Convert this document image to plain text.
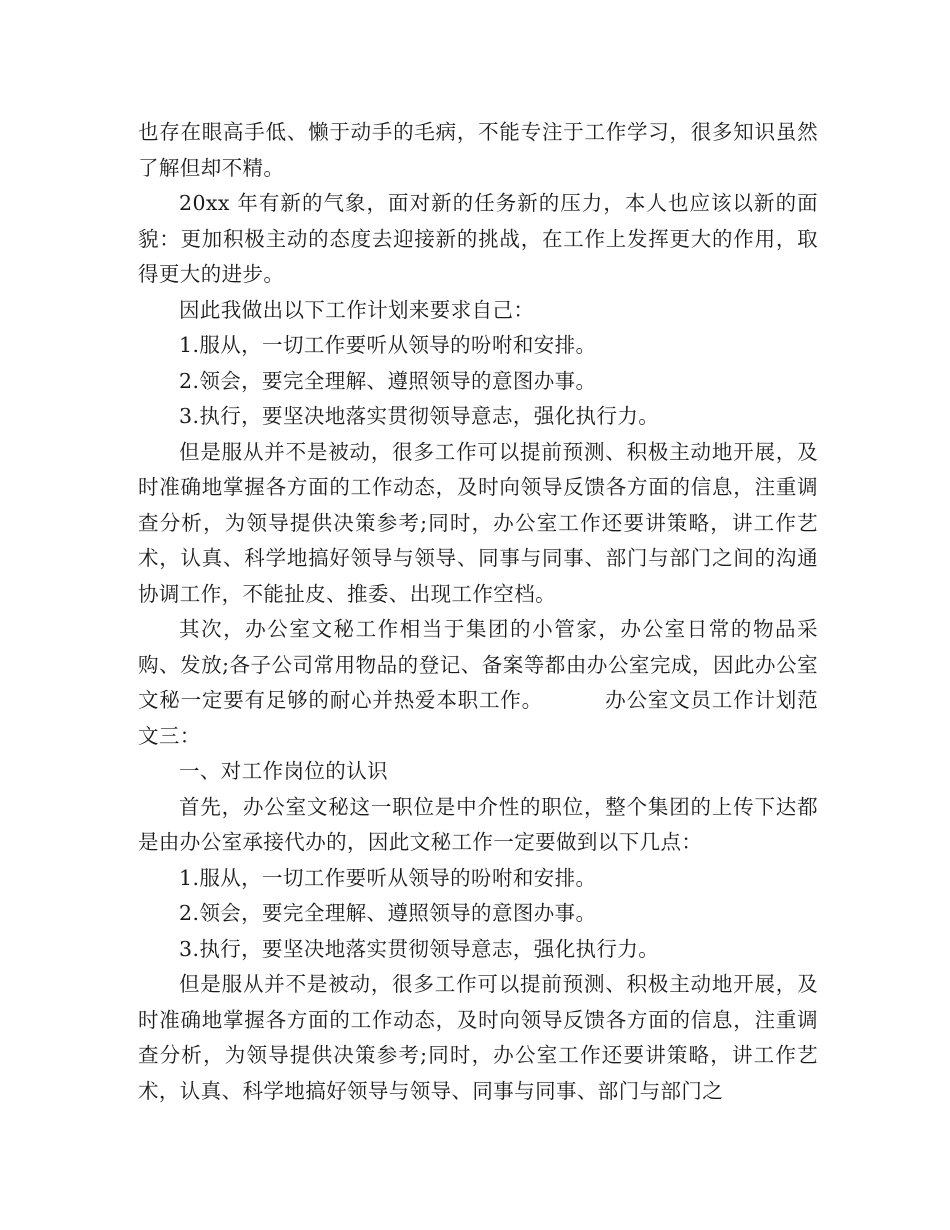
也存在眼高手低、懒于动手的毛病，不能专注于工作学习，很多知识虽然了解但却不精。

20xx 年有新的气象，面对新的任务新的压力，本人也应该以新的面貌：更加积极主动的态度去迎接新的挑战，在工作上发挥更大的作用，取得更大的进步。

因此我做出以下工作计划来要求自己：

1.服从，一切工作要听从领导的吩咐和安排。

2.领会，要完全理解、遵照领导的意图办事。

3.执行，要坚决地落实贯彻领导意志，强化执行力。

但是服从并不是被动，很多工作可以提前预测、积极主动地开展，及时准确地掌握各方面的工作动态，及时向领导反馈各方面的信息，注重调查分析，为领导提供决策参考;同时，办公室工作还要讲策略，讲工作艺术，认真、科学地搞好领导与领导、同事与同事、部门与部门之间的沟通协调工作，不能扯皮、推委、出现工作空档。

其次，办公室文秘工作相当于集团的小管家，办公室日常的物品采购、发放;各子公司常用物品的登记、备案等都由办公室完成，因此办公室文秘一定要有足够的耐心并热爱本职工作。	办公室文员工作计划范文三：

一、对工作岗位的认识

首先，办公室文秘这一职位是中介性的职位，整个集团的上传下达都是由办公室承接代办的，因此文秘工作一定要做到以下几点：

1.服从，一切工作要听从领导的吩咐和安排。

2.领会，要完全理解、遵照领导的意图办事。

3.执行，要坚决地落实贯彻领导意志，强化执行力。

但是服从并不是被动，很多工作可以提前预测、积极主动地开展，及时准确地掌握各方面的工作动态，及时向领导反馈各方面的信息，注重调查分析，为领导提供决策参考;同时，办公室工作还要讲策略，讲工作艺术，认真、科学地搞好领导与领导、同事与同事、部门与部门之
